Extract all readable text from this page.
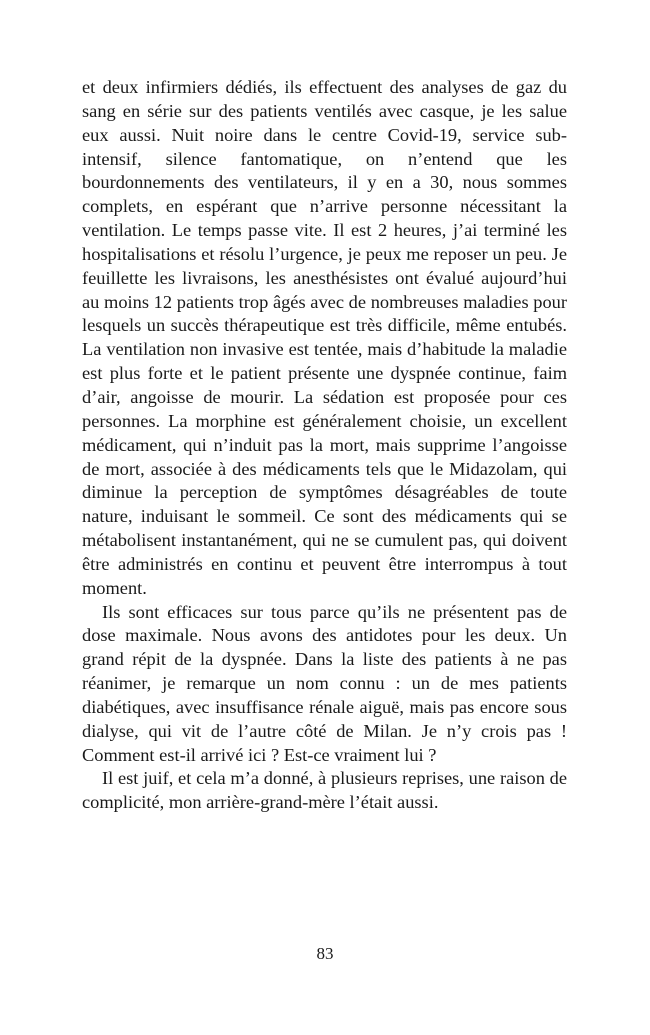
et deux infirmiers dédiés, ils effectuent des analyses de gaz du sang en série sur des patients ventilés avec casque, je les salue eux aussi. Nuit noire dans le centre Covid-19, service sub-intensif, silence fantomatique, on n’entend que les bourdonnements des ventilateurs, il y en a 30, nous sommes complets, en espérant que n’arrive personne nécessitant la ventilation. Le temps passe vite. Il est 2 heures, j’ai terminé les hospitalisations et résolu l’urgence, je peux me reposer un peu. Je feuillette les livraisons, les anesthésistes ont évalué aujourd’hui au moins 12 patients trop âgés avec de nombreuses maladies pour lesquels un succès thérapeutique est très difficile, même entubés. La ventilation non invasive est tentée, mais d’habitude la maladie est plus forte et le patient présente une dyspnée continue, faim d’air, angoisse de mourir. La sédation est proposée pour ces personnes. La morphine est généralement choisie, un excellent médicament, qui n’induit pas la mort, mais supprime l’angoisse de mort, associée à des médicaments tels que le Midazolam, qui diminue la perception de symptômes désagréables de toute nature, induisant le sommeil. Ce sont des médicaments qui se métabolisent instantanément, qui ne se cumulent pas, qui doivent être administrés en continu et peuvent être interrompus à tout moment.

Ils sont efficaces sur tous parce qu’ils ne présentent pas de dose maximale. Nous avons des antidotes pour les deux. Un grand répit de la dyspnée. Dans la liste des patients à ne pas réanimer, je remarque un nom connu : un de mes patients diabétiques, avec insuffisance rénale aiguë, mais pas encore sous dialyse, qui vit de l’autre côté de Milan. Je n’y crois pas ! Comment est-il arrivé ici ? Est-ce vraiment lui ?

Il est juif, et cela m’a donné, à plusieurs reprises, une raison de complicité, mon arrière-grand-mère l’était aussi.

83
